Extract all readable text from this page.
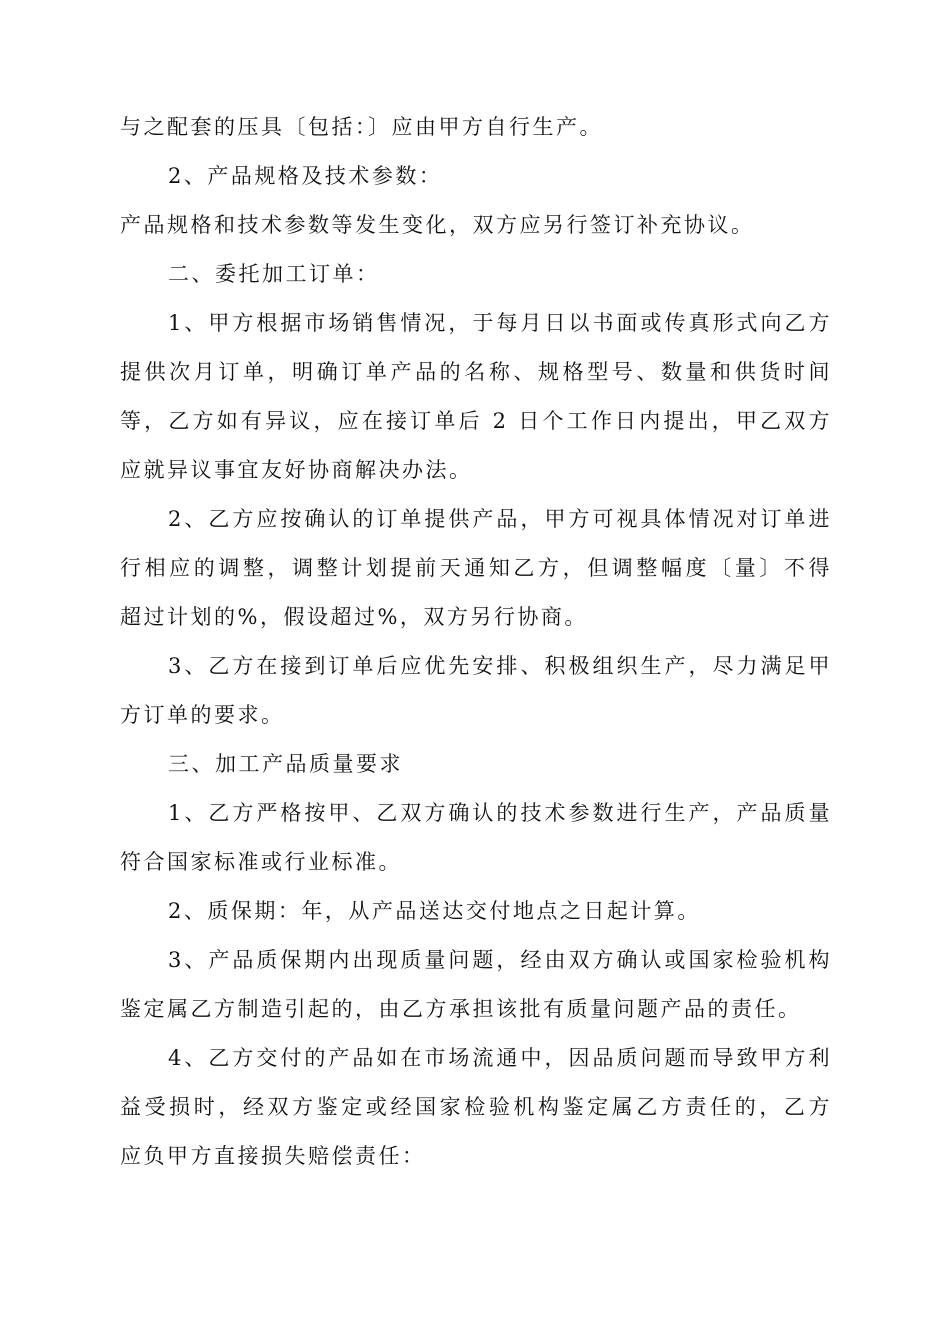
与之配套的压具〔包括：〕应由甲方自行生产。

2、产品规格及技术参数：

产品规格和技术参数等发生变化，双方应另行签订补充协议。

二、委托加工订单：

1、甲方根据市场销售情况，于每月日以书面或传真形式向乙方
提供次月订单，明确订单产品的名称、规格型号、数量和供货时间
等，乙方如有异议，应在接订单后 2 日个工作日内提出，甲乙双方
应就异议事宜友好协商解决办法。

2、乙方应按确认的订单提供产品，甲方可视具体情况对订单进
行相应的调整，调整计划提前天通知乙方，但调整幅度〔量〕不得
超过计划的%，假设超过%，双方另行协商。

3、乙方在接到订单后应优先安排、积极组织生产，尽力满足甲
方订单的要求。

三、加工产品质量要求

1、乙方严格按甲、乙双方确认的技术参数进行生产，产品质量
符合国家标准或行业标准。

2、质保期：年，从产品送达交付地点之日起计算。

3、产品质保期内出现质量问题，经由双方确认或国家检验机构
鉴定属乙方制造引起的，由乙方承担该批有质量问题产品的责任。

4、乙方交付的产品如在市场流通中，因品质问题而导致甲方利
益受损时，经双方鉴定或经国家检验机构鉴定属乙方责任的，乙方
应负甲方直接损失赔偿责任：
